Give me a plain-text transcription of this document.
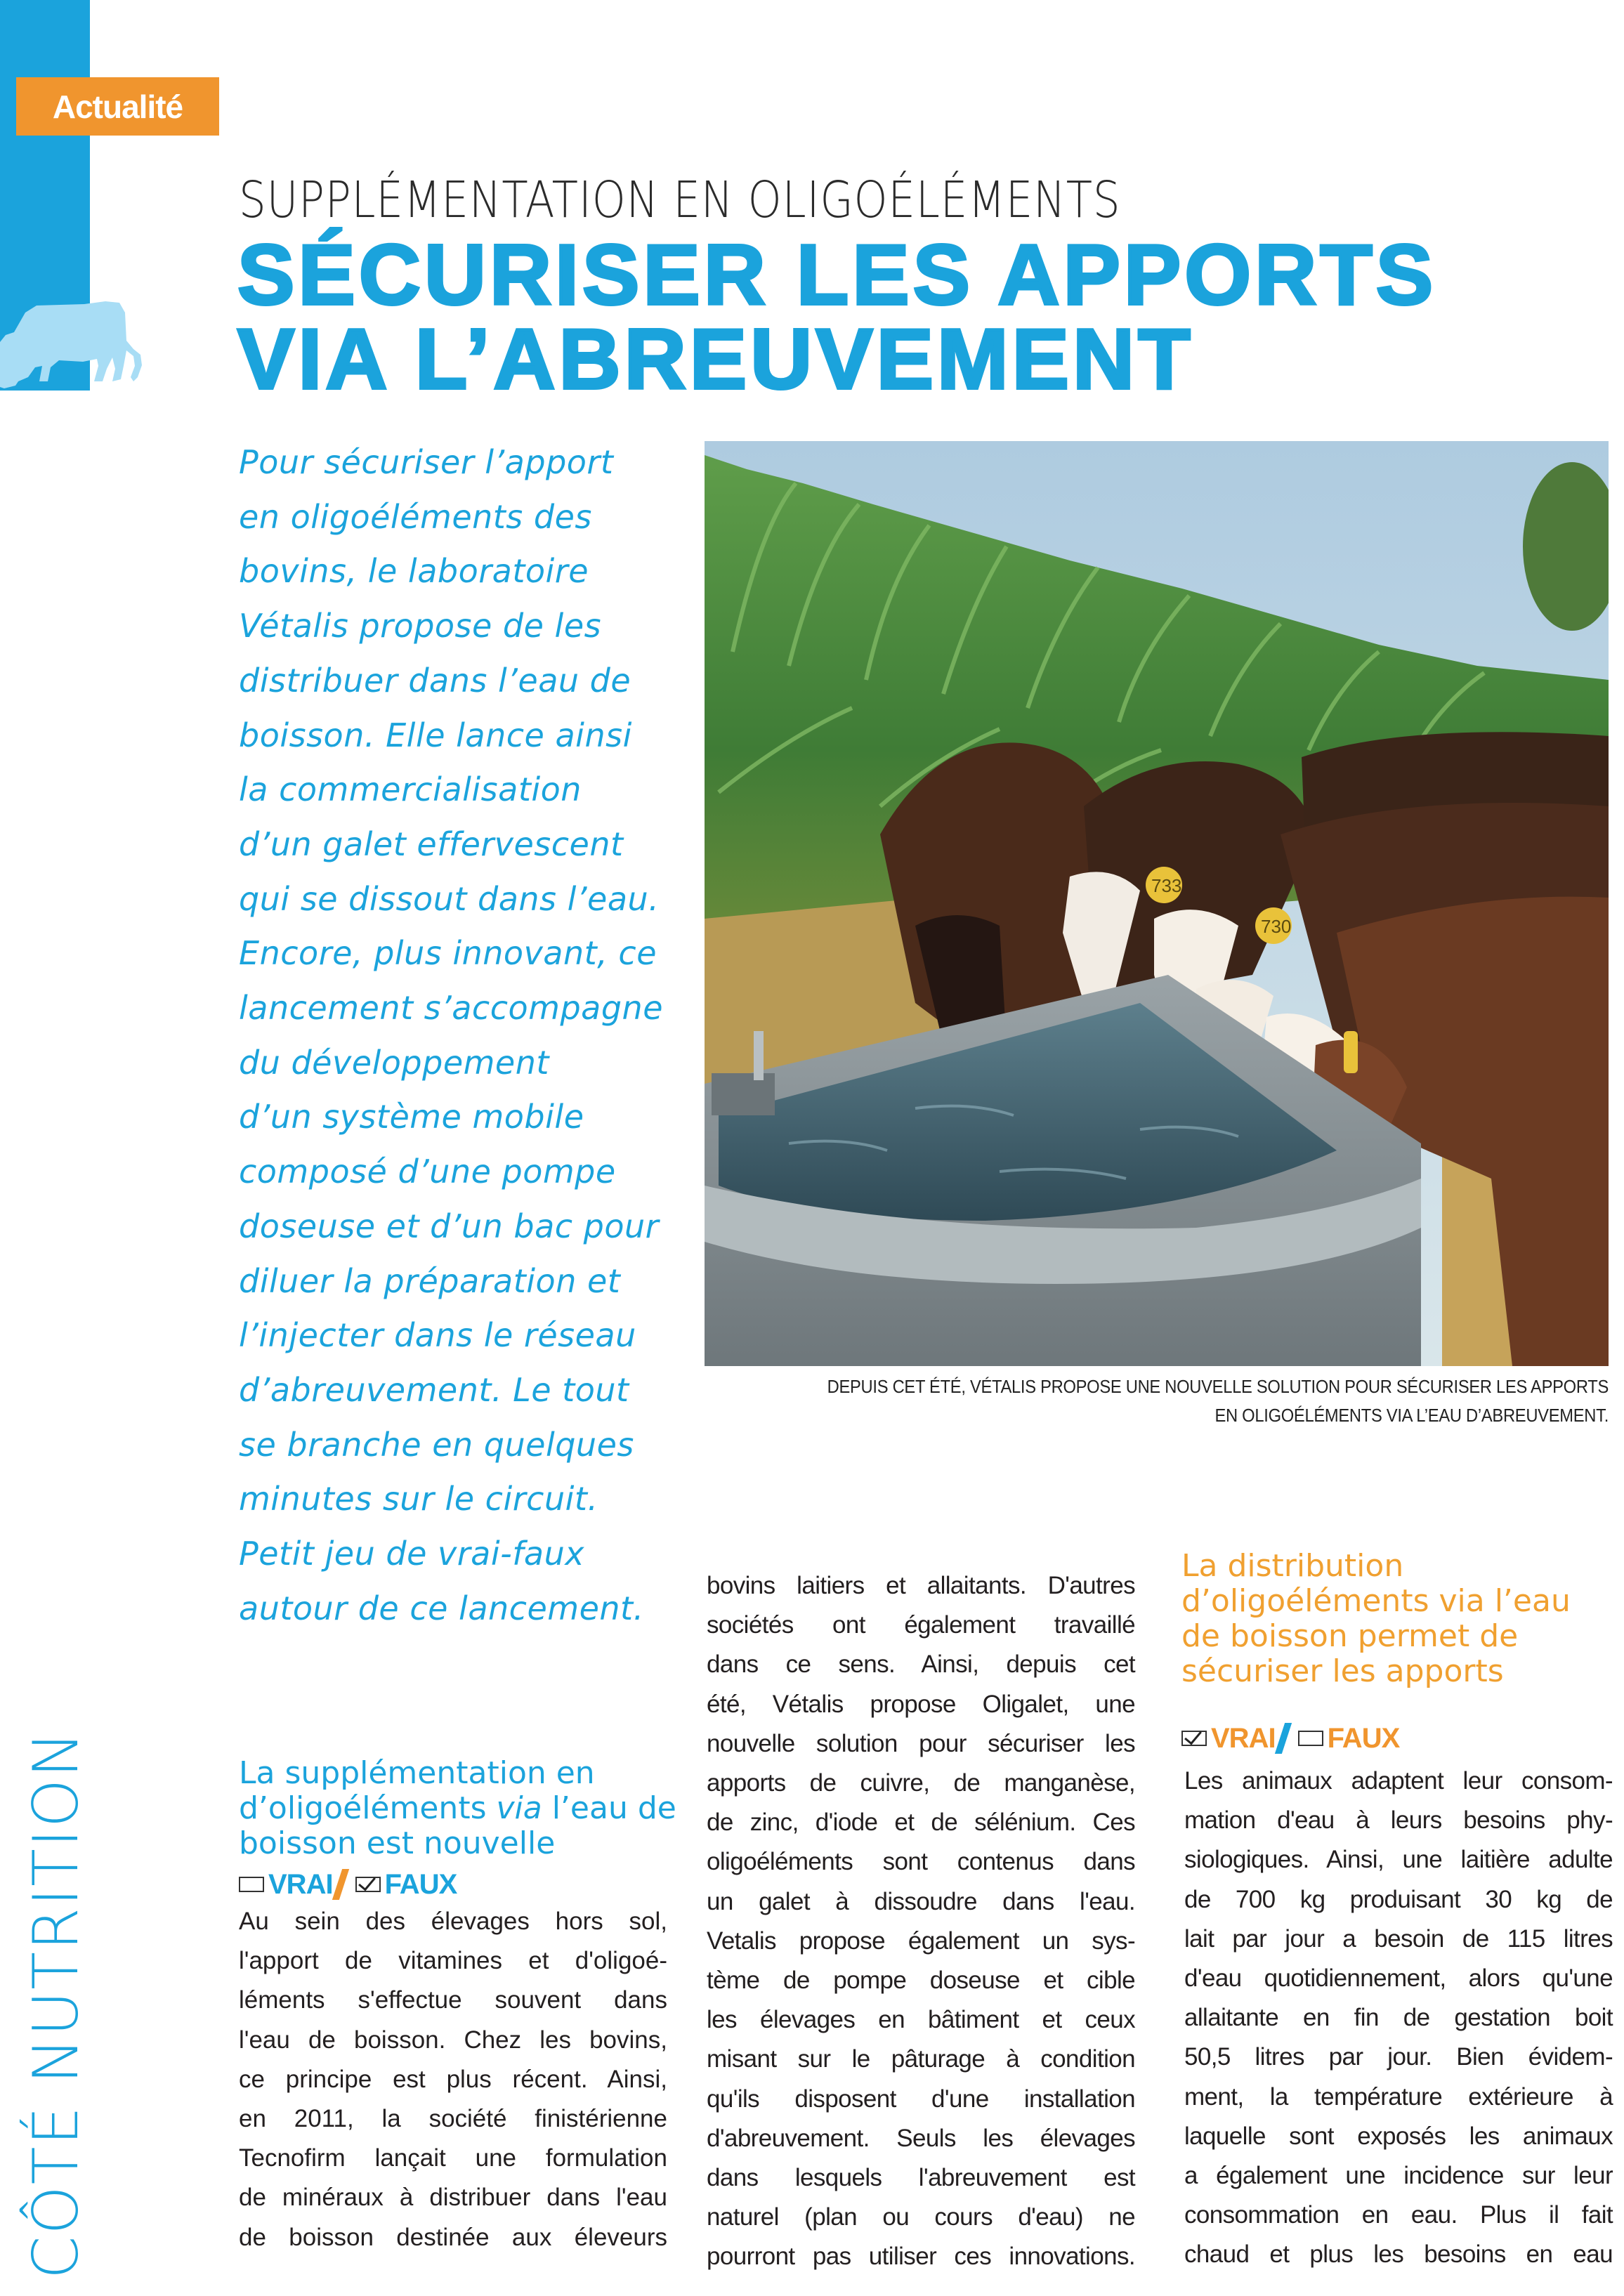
Actualité
SUPPLÉMENTATION EN OLIGOÉLÉMENTS
SÉCURISER LES APPORTS
VIA L’ABREUVEMENT
Pour sécuriser l’apport
en oligoéléments des
bovins, le laboratoire
Vétalis propose de les
distribuer dans l’eau de
boisson. Elle lance ainsi
la commercialisation
d’un galet effervescent
qui se dissout dans l’eau.
Encore, plus innovant, ce
lancement s’accompagne
du développement
d’un système mobile
composé d’une pompe
doseuse et d’un bac pour
diluer la préparation et
l’injecter dans le réseau
d’abreuvement. Le tout
se branche en quelques
minutes sur le circuit.
Petit jeu de vrai-faux
autour de ce lancement.
733
730
DEPUIS CET ÉTÉ, VÉTALIS PROPOSE UNE NOUVELLE SOLUTION POUR SÉCURISER LES APPORTS
EN OLIGOÉLÉMENTS VIA L’EAU D’ABREUVEMENT.
La supplémentation en d’oligoéléments via l’eau de boisson est nouvelle
VRAI FAUX
Au sein des élevages hors sol,
l'apport de vitamines et d'oligoé-
léments s'effectue souvent dans
l'eau de boisson. Chez les bovins,
ce principe est plus récent. Ainsi,
en 2011, la société finistérienne
Tecnofirm lançait une formulation
de minéraux à distribuer dans l'eau
de boisson destinée aux éleveurs
bovins laitiers et allaitants. D'autres
sociétés ont également travaillé
dans ce sens. Ainsi, depuis cet
été, Vétalis propose Oligalet, une
nouvelle solution pour sécuriser les
apports de cuivre, de manganèse,
de zinc, d'iode et de sélénium. Ces
oligoéléments sont contenus dans
un galet à dissoudre dans l'eau.
Vetalis propose également un sys-
tème de pompe doseuse et cible
les élevages en bâtiment et ceux
misant sur le pâturage à condition
qu'ils disposent d'une installation
d'abreuvement. Seuls les élevages
dans lesquels l'abreuvement est
naturel (plan ou cours d'eau) ne
pourront pas utiliser ces innovations.
La distribution
d’oligoéléments via l’eau
de boisson permet de
sécuriser les apports
VRAI FAUX
Les animaux adaptent leur consom-
mation d'eau à leurs besoins phy-
siologiques. Ainsi, une laitière adulte
de 700 kg produisant 30 kg de
lait par jour a besoin de 115 litres
d'eau quotidiennement, alors qu'une
allaitante en fin de gestation boit
50,5 litres par jour. Bien évidem-
ment, la température extérieure à
laquelle sont exposés les animaux
a également une incidence sur leur
consommation en eau. Plus il fait
chaud et plus les besoins en eau
CÔTÉ NUTRITION
